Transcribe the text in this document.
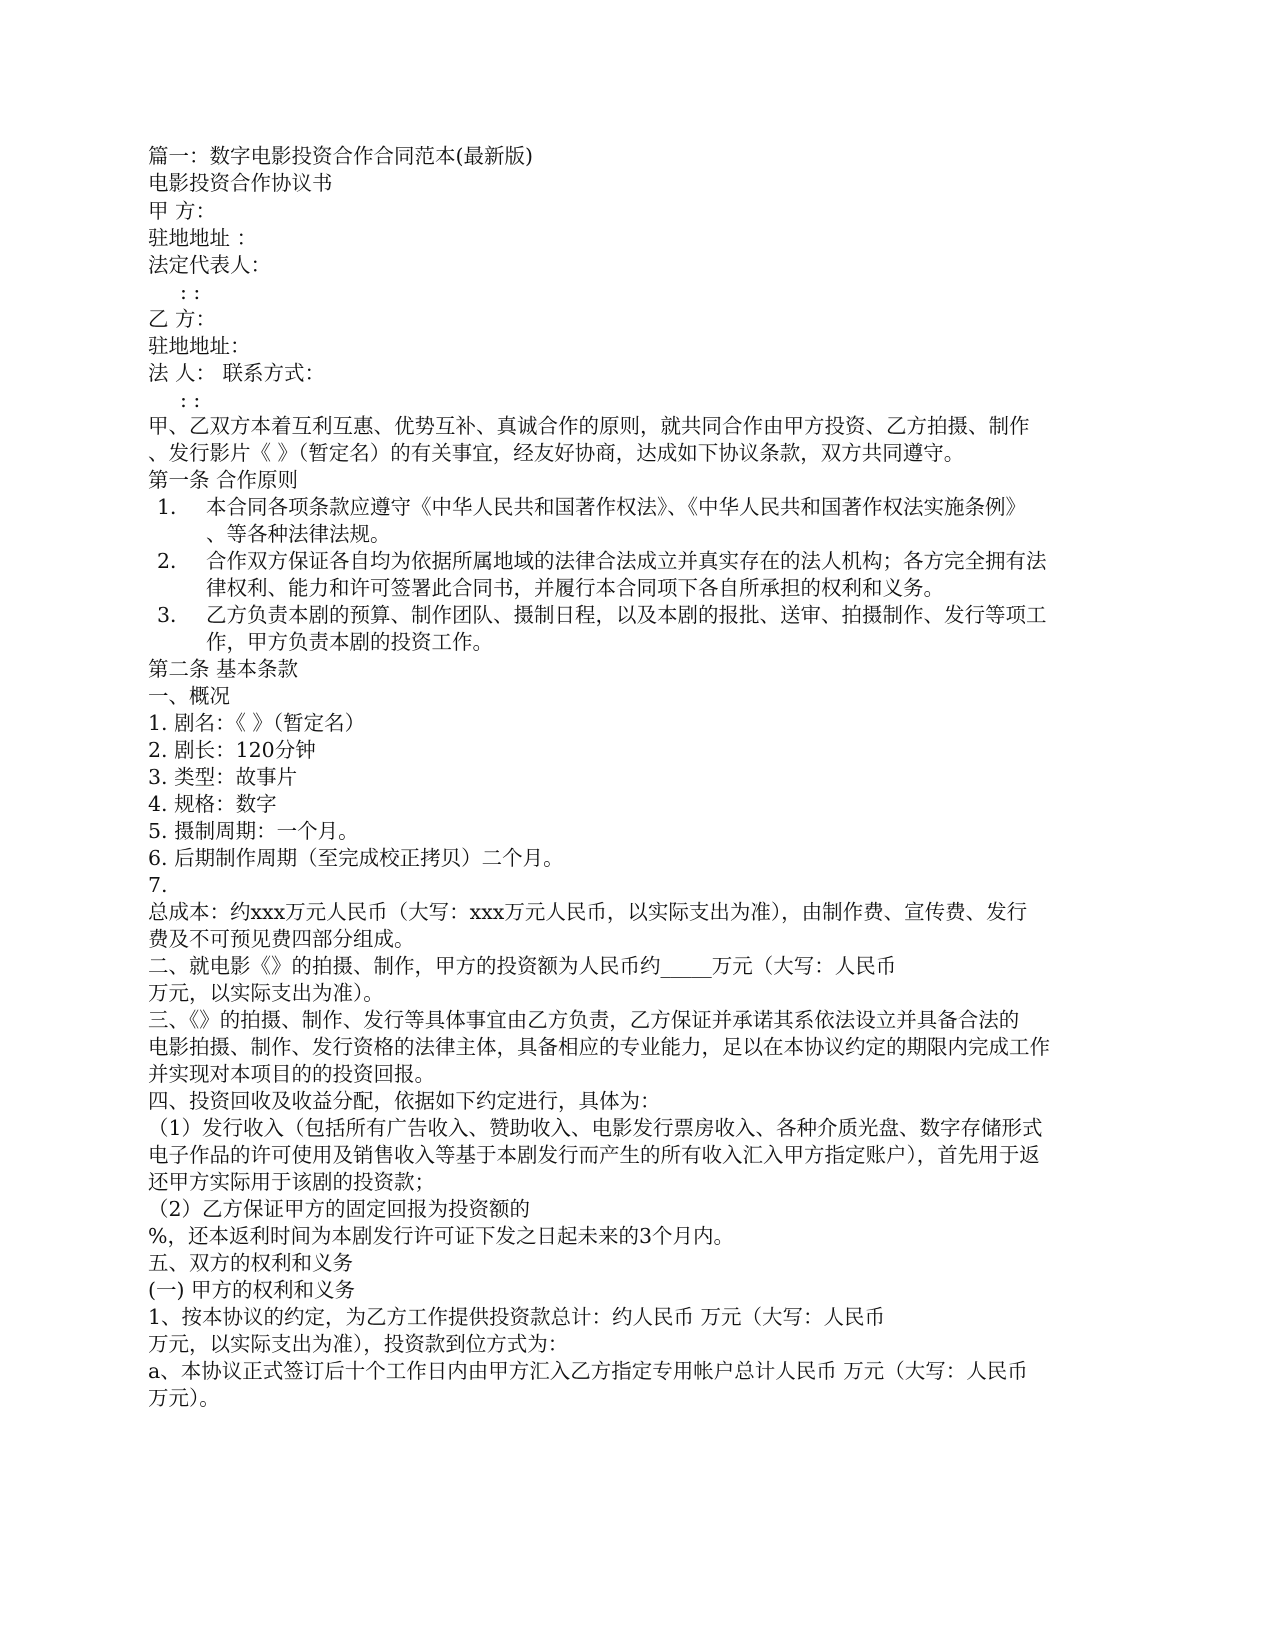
篇一：数字电影投资合作合同范本(最新版)
电影投资合作协议书
甲 方：
驻地地址 ：
法定代表人：
: :
乙 方：
驻地地址：
法 人： 联系方式：
: :
甲、乙双方本着互利互惠、优势互补、真诚合作的原则，就共同合作由甲方投资、乙方拍摄、制作
、发行影片《 》（暂定名）的有关事宜，经友好协商，达成如下协议条款，双方共同遵守。
第一条 合作原则
1． 本合同各项条款应遵守《中华人民共和国著作权法》、《中华人民共和国著作权法实施条例》
、等各种法律法规。
2． 合作双方保证各自均为依据所属地域的法律合法成立并真实存在的法人机构；各方完全拥有法
律权利、能力和许可签署此合同书，并履行本合同项下各自所承担的权利和义务。
3． 乙方负责本剧的预算、制作团队、摄制日程，以及本剧的报批、送审、拍摄制作、发行等项工
作，甲方负责本剧的投资工作。
第二条 基本条款
一、概况
1. 剧名：《 》（暂定名）
2. 剧长：120分钟
3. 类型：故事片
4. 规格：数字
5. 摄制周期：一个月。
6. 后期制作周期（至完成校正拷贝）二个月。
7.
总成本：约xxx万元人民币（大写：xxx万元人民币，以实际支出为准），由制作费、宣传费、发行
费及不可预见费四部分组成。
二、就电影《》的拍摄、制作，甲方的投资额为人民币约_____万元（大写：人民币
万元，以实际支出为准）。
三、《》的拍摄、制作、发行等具体事宜由乙方负责，乙方保证并承诺其系依法设立并具备合法的
电影拍摄、制作、发行资格的法律主体，具备相应的专业能力，足以在本协议约定的期限内完成工作
并实现对本项目的的投资回报。
四、投资回收及收益分配，依据如下约定进行，具体为：
（1）发行收入（包括所有广告收入、赞助收入、电影发行票房收入、各种介质光盘、数字存储形式
电子作品的许可使用及销售收入等基于本剧发行而产生的所有收入汇入甲方指定账户），首先用于返
还甲方实际用于该剧的投资款；
（2）乙方保证甲方的固定回报为投资额的
%，还本返利时间为本剧发行许可证下发之日起未来的3个月内。
五、双方的权利和义务
(一) 甲方的权利和义务
1、按本协议的约定，为乙方工作提供投资款总计：约人民币 万元（大写：人民币
万元，以实际支出为准），投资款到位方式为：
a、本协议正式签订后十个工作日内由甲方汇入乙方指定专用帐户总计人民币 万元（大写：人民币
万元）。
